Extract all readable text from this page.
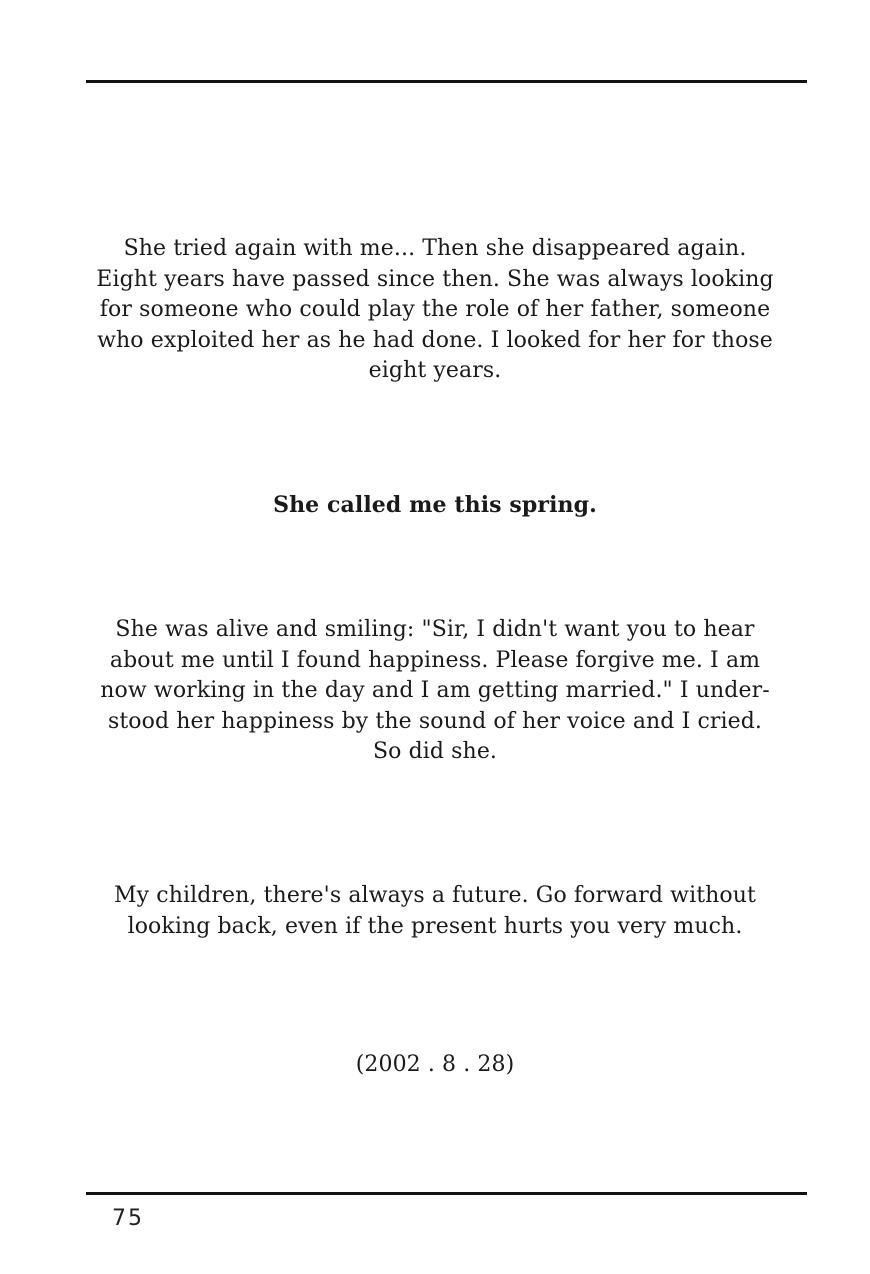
She tried again with me... Then she disappeared again.
Eight years have passed since then. She was always looking
for someone who could play the role of her father, someone
who exploited her as he had done. I looked for her for those
eight years.
She called me this spring.
She was alive and smiling: "Sir, I didn't want you to hear
about me until I found happiness. Please forgive me. I am
now working in the day and I am getting married." I under-
stood her happiness by the sound of her voice and I cried.
So did she.
My children, there's always a future. Go forward without
looking back, even if the present hurts you very much.
(2002 . 8 . 28)
75
